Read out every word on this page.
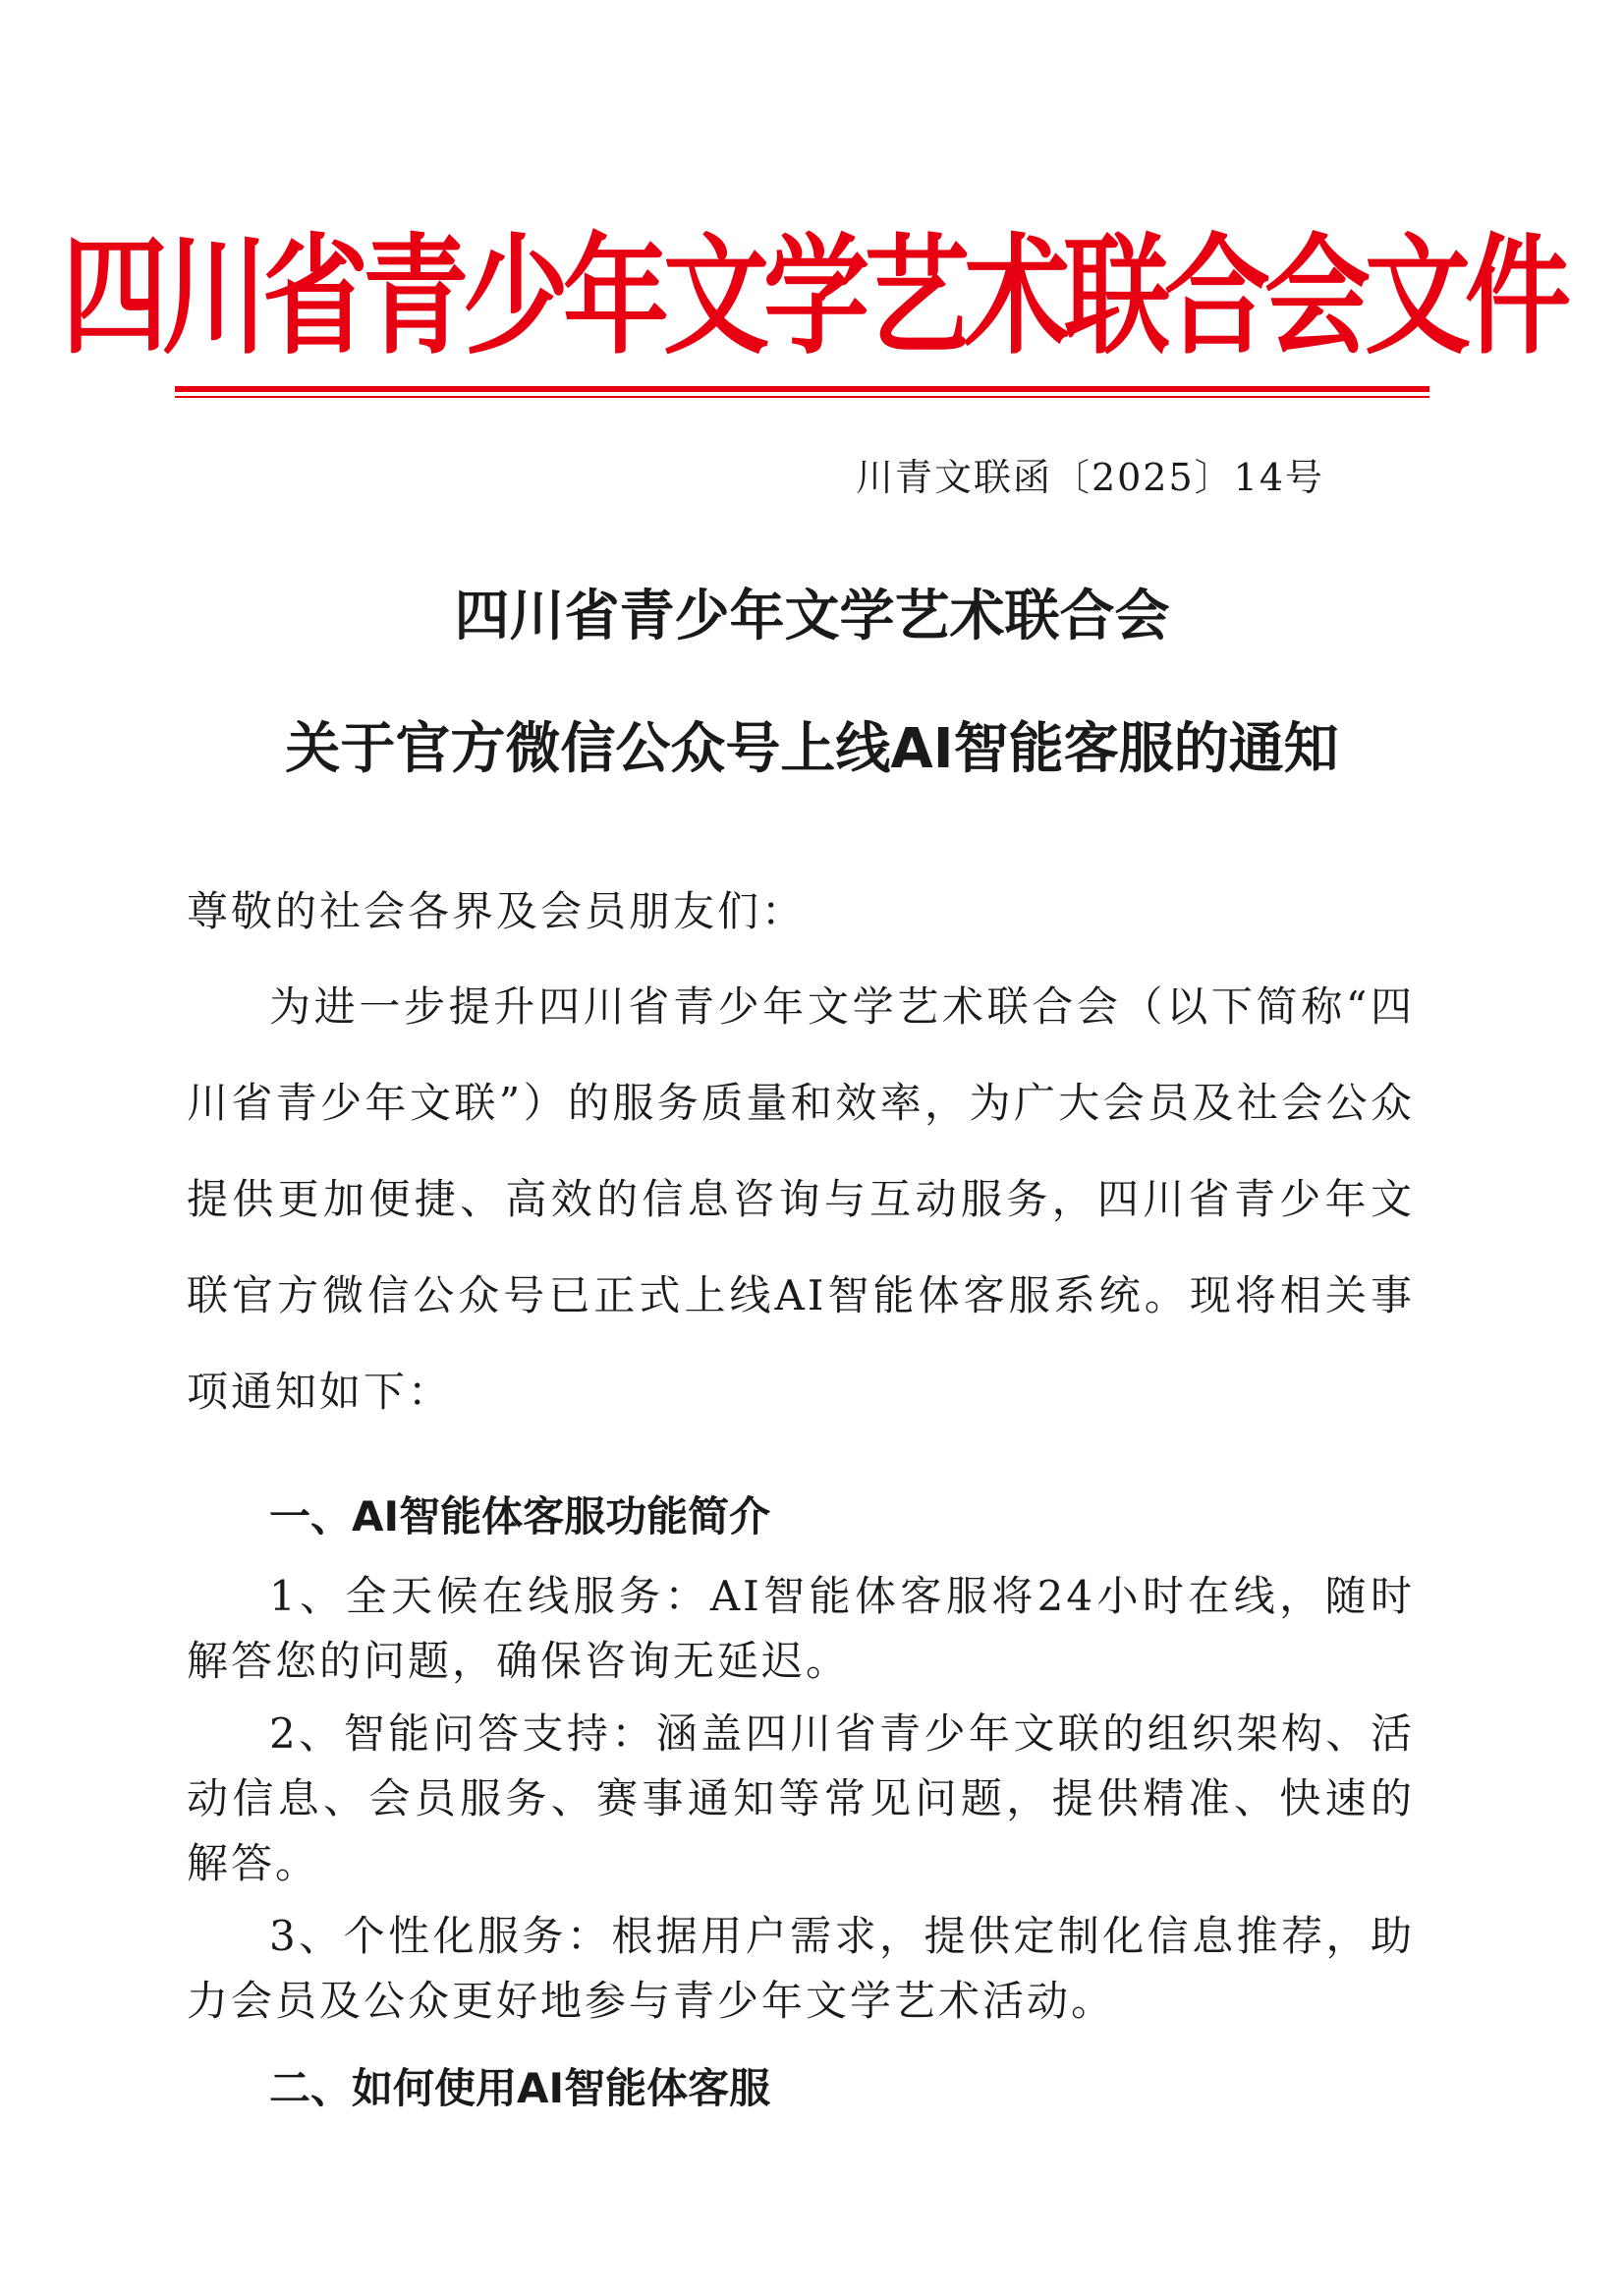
四川省青少年文学艺术联合会文件
川青文联函〔2025〕14号
四川省青少年文学艺术联合会
关于官方微信公众号上线AI智能客服的通知

尊敬的社会各界及会员朋友们：

为进一步提升四川省青少年文学艺术联合会（以下简称“四川省青少年文联”）的服务质量和效率，为广大会员及社会公众提供更加便捷、高效的信息咨询与互动服务，四川省青少年文联官方微信公众号已正式上线AI智能体客服系统。现将相关事项通知如下：

一、AI智能体客服功能简介

1、全天候在线服务：AI智能体客服将24小时在线，随时解答您的问题，确保咨询无延迟。

2、智能问答支持：涵盖四川省青少年文联的组织架构、活动信息、会员服务、赛事通知等常见问题，提供精准、快速的解答。

3、个性化服务：根据用户需求，提供定制化信息推荐，助力会员及公众更好地参与青少年文学艺术活动。

二、如何使用AI智能体客服
